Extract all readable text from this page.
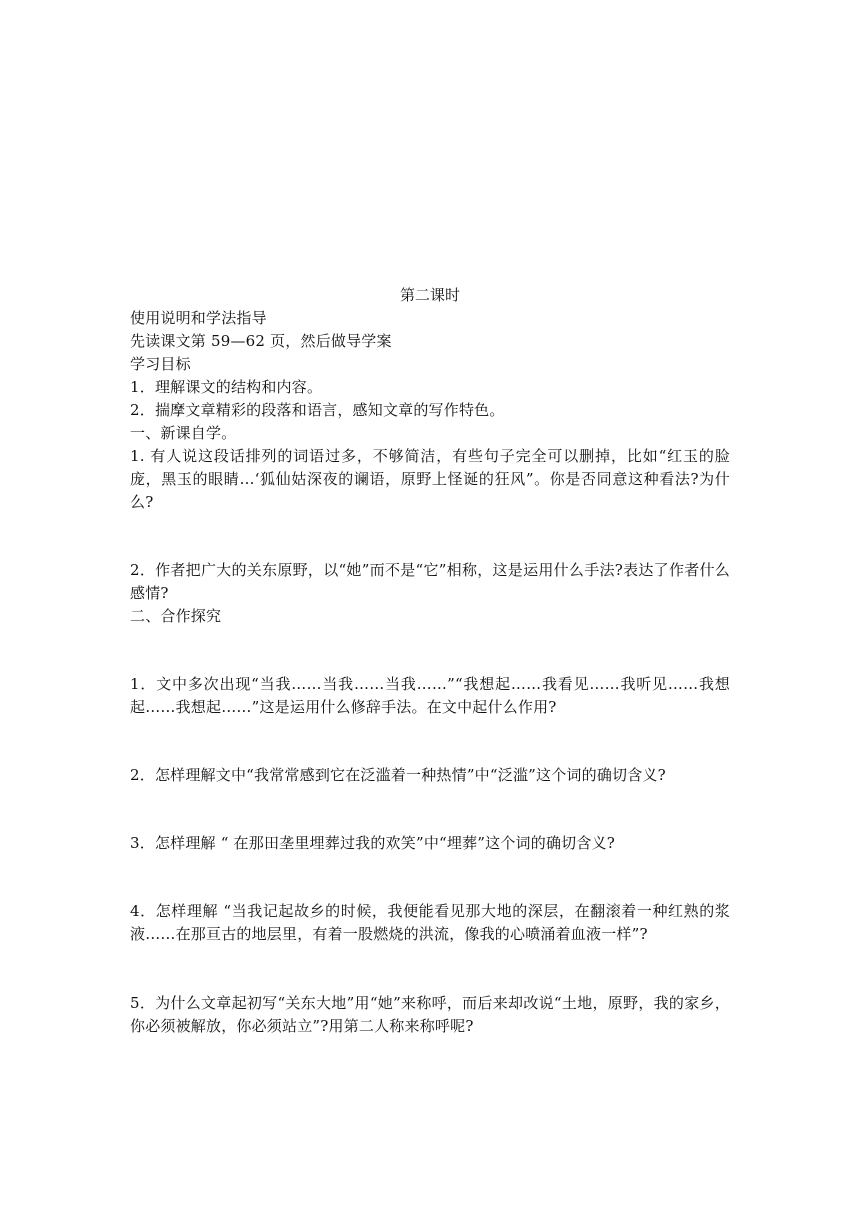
第二课时

使用说明和学法指导

先读课文第 59—62 页，然后做导学案

学习目标

1．理解课文的结构和内容。

2．揣摩文章精彩的段落和语言，感知文章的写作特色。

一、新课自学。

1. 有人说这段话排列的词语过多，不够简洁，有些句子完全可以删掉，比如“红玉的脸庞，黑玉的眼睛…‘狐仙姑深夜的谰语，原野上怪诞的狂风”。你是否同意这种看法?为什么?

2．作者把广大的关东原野，以“她”而不是“它”相称，这是运用什么手法?表达了作者什么感情?

二、合作探究

1．文中多次出现“当我……当我……当我……”“我想起……我看见……我听见……我想起……我想起……”这是运用什么修辞手法。在文中起什么作用?

2．怎样理解文中“我常常感到它在泛滥着一种热情”中“泛滥”这个词的确切含义?

3．怎样理解 “ 在那田垄里埋葬过我的欢笑”中“埋葬”这个词的确切含义?

4．怎样理解 “当我记起故乡的时候，我便能看见那大地的深层，在翻滚着一种红熟的浆液……在那亘古的地层里，有着一股燃烧的洪流，像我的心喷涌着血液一样”?

5．为什么文章起初写“关东大地”用“她”来称呼，而后来却改说“土地，原野，我的家乡，你必须被解放，你必须站立”?用第二人称来称呼呢?
